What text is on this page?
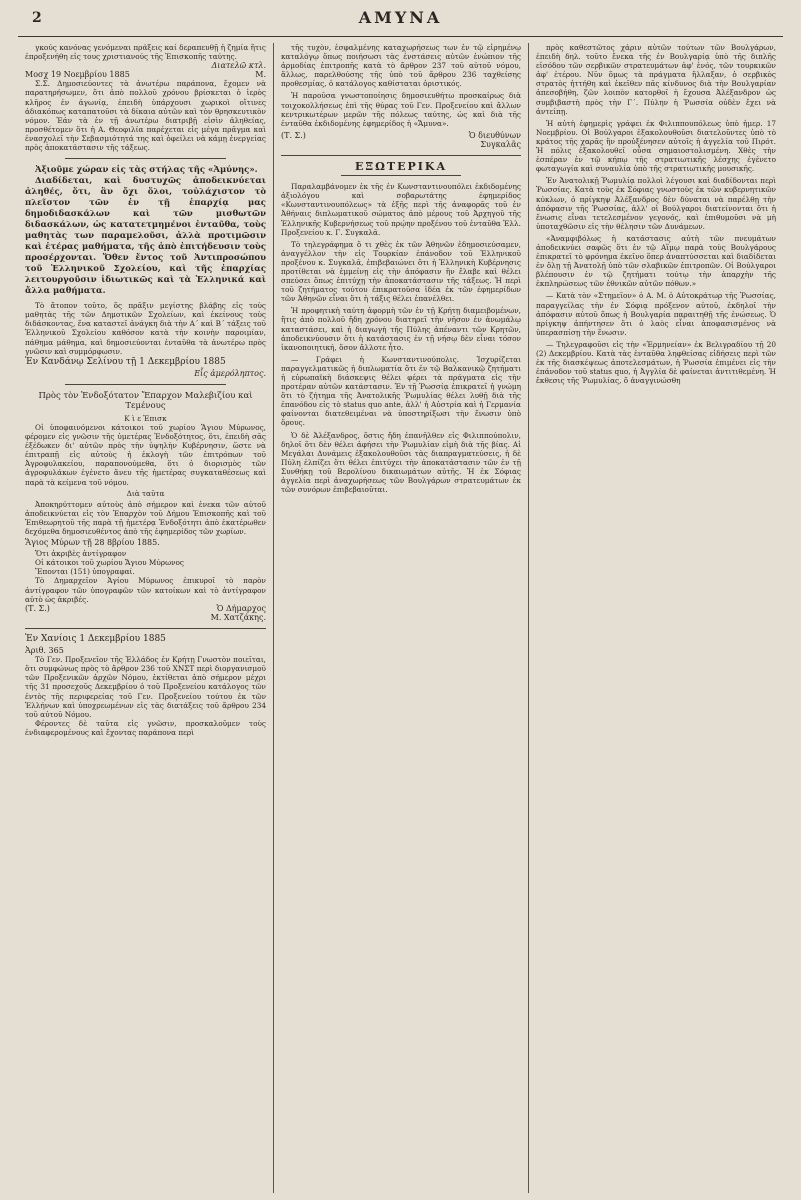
2	ΑΜΥΝΑ

γκούς κανόνας γενόμεναι πράξεις καί δεραπευθῇ ἡ ζημία ἥτις ἐπροξενήθη εἰς τους χριστιανούς τῆς Ἐπισκοπῆς ταύτης.

Διατελῶ κτλ.

Μοσχ 19 Νοεμβρίου 1885	Μ.

Σ.Σ. Δημοσιεύοντες τὰ ἀνωτέρω παράπονα, ἔχομεν νὰ παρατηρήσωμεν, ὅτι ἀπὸ πολλοῦ χρόνου βρίσκεται ὁ ἱερὸς κλῆρος ἐν ἀγωνίᾳ, ἐπειδὴ ὑπάρχουσι χωρικοὶ οἵτινες ἀδιακόπως καταπατοῦσι τὰ δίκαια αὐτῶν καὶ τὸν θρησκευτικὸν νόμον. Ἐάν τὰ ἐν τῇ ἀνωτέρω διατριβῇ εἰσὶν ἀληθείας, προσθέτομεν ὅτι ἡ Α. Θεοφιλία παρέχεται εἰς μέγα πρᾶγμα καὶ ἐνασχολεῖ τὴν Σεβασμιότητά της καὶ ὀφείλει νὰ κάμῃ ἐνεργείας πρὸς ἀποκατάστασιν τῆς τάξεως.

Ἀξιοῦμε χώραν εἰς τὰς στήλας τῆς «Ἀμύνης».

Διαδίδεται, καὶ δυστυχῶς ἀποδεικνύεται ἀληθές, ὅτι, ἂν ὄχι ὅλοι, τοὐλάχιστον τὸ πλεῖστον τῶν ἐν τῇ ἐπαρχίᾳ μας δημοδιδασκάλων καὶ τῶν μισθωτῶν διδασκάλων, ὡς κατατετμημένοι ἐνταῦθα, τοὺς μαθητὰς των παραμελοῦσι, ἀλλὰ προτιμῶσιν καὶ ἑτέρας μαθήματα, τῆς ἀπὸ ἐπιτήδευσιν τοὺς προσέρχονται. Ὅθεν ἔντος τοῦ Ἀντιπροσώπου τοῦ Ἐλληνικοῦ Σχολείου, καὶ τῆς ἐπαρχίας λειτουργοῦσιν ἰδιωτικῶς καὶ τὰ Ἑλληνικά καὶ ἄλλα μαθήματα.

Τὸ ἄτοπον τοῦτο, ὅς πρᾶξιν μεγίστης βλάβης εἰς τοὺς μαθητὰς τῆς τῶν Δημοτικῶν Σχολείων, καὶ ἐκείνους τοὺς διδάσκοντας, ἕνα καταστεῖ ἀνάγκη διὰ τὴν Α΄ καὶ Β΄ τάξεις τοῦ Ἑλληνικοῦ Σχολείου καθόσον κατὰ τὴν κοινὴν παροιμίαν, πάθημα μάθημα, καὶ δημοσιεύονται ἐνταῦθα τὰ ἀνωτέρω πρὸς γνῶσιν καὶ συμμόρφωσιν.

Ἐν Κανδάνῳ Σελίνου τῇ 1 Δεκεμβρίου 1885

Εἷς ἀμερόληπτος.

Πρὸς τὸν Ἐνδοξότατον Ἔπαρχον Μαλεβιζίου καὶ Τεμένους

Κ ὶ ε Ἐπισκ

Οἱ ὑποφαινόμενοι κάτοικοι τοῦ χωρίου Ἅγιου Μύρωνος, φέρομεν εἰς γνῶσιν τῆς ὑμετέρας Ἐνδοξότητος, ὅτι, ἐπειδὴ σᾶς ἐξέδωκεν δι' αὐτῶν πρὸς τὴν ὑψηλὴν Κυβέρνησιν, ὥστε νὰ ἐπιτραπῇ εἰς αὐτοὺς ἡ ἐκλογὴ τῶν ἐπιτρόπων τοῦ Ἀγροφυλακείου, παραπονούμεθα, ὅτι ὁ διορισμὸς τῶν ἀγροφυλάκων ἐγένετο ἄνευ τῆς ἡμετέρας συγκαταθέσεως καὶ παρὰ τὰ κείμενα τοῦ νόμου.

Διὰ ταῦτα

Ἀποκηρύττομεν αὐτοὺς ἀπὸ σήμερον καὶ ἐνεκα τῶν αὐτοῦ ἀποδεικνύεται εἰς τὸν Ἐπαρχὸν τοῦ Δήμου Ἐπισκοπῆς καὶ τοῦ Ἐπιθεωρητοῦ τῆς παρὰ τῇ ἡμετέρᾳ Ἐνδοξότητι ἀπὸ ἐκατέρωθεν δεχόμεθα δημοσιευθέντος ἀπὸ τῆς ἐφημερίδος τῶν χωρίων.

Ἅγιος Μύρων τῇ 28 8βρίου 1885.

Ὅτι ἀκριβὲς ἀντίγραφον

Οἱ κάτοικοι τοῦ χωρίου Ἅγιου Μύρωνος

Ἕπονται (151) ὑπογραφαί.

Τὸ Δημαρχεῖον Ἁγίου Μύρωνος ἐπικυροῖ τὸ παρὸν ἀντίγραφον τῶν ὑπογραφῶν τῶν κατοίκων καὶ τὸ ἀντίγραφον αὐτὸ ὡς ἀκριβές.

(Τ. Σ.)	Ὁ Δήμαρχος
Μ. Χατζάκης.

Ἐν Χανίοις 1 Δεκεμβρίου 1885

Ἀριθ. 365

Τὸ Γεν. Προξενεῖον τῆς Ἑλλάδος ἐν Κρήτῃ Γνωστὸν ποιεῖται, ὅτι συμφώνως πρὸς τὸ ἄρθρον 236 τοῦ ΧΝΣΤ περὶ διοργανισμοῦ τῶν Προξενικῶν ἀρχῶν Νόμου, ἐκτίθεται ἀπὸ σήμερον μέχρι τῆς 31 προσεχοῦς Δεκεμβρίου ὁ τοῦ Προξενείου κατάλογος τῶν ἐντὸς τῆς περιφερείας τοῦ Γεν. Προξενείου τούτου ἐκ τῶν Ἑλλήνων καὶ ὑποχρεωμένων εἰς τὰς διατάξεις τοῦ ἄρθρου 234 τοῦ αὐτοῦ Νόμου.

Φέροντες δὲ ταῦτα εἰς γνῶσιν, προσκαλοῦμεν τοὺς ἐνδιαφερομένους καὶ ἔχοντας παράπονα περὶ

τῆς τυχὸν, ἐσφαλμένης καταχωρήσεως των ἐν τῷ εἰρημένῳ καταλόγῳ ὅπως ποιήσωσι τὰς ἐνστάσεις αὐτῶν ἐνώπιον τῆς ἁρμοδίας ἐπιτροπῆς κατὰ τὸ ἄρθρον 237 τοῦ αὐτοῦ νόμου, ἄλλως, παρελθούσης τῆς ὑπὸ τοῦ ἄρθρου 236 ταχθείσης προθεσμίας, ὁ κατάλογος καθίσταται ὁριστικός.

Ἡ παροῦσα γνωστοποίησις δημοσιευθήτω προσκαίρως διὰ τοιχοκολλήσεως ἐπὶ τῆς θύρας τοῦ Γεν. Προξενείου καὶ ἄλλων κεντρικωτέρων μερῶν τῆς πόλεως ταύτης, ὡς καὶ διὰ τῆς ἐνταῦθα ἐκδιδομένης ἐφημερίδος ἡ «Ἄμυνα».

(Τ. Σ.)	Ὁ διευθύνων
Συγκαλᾶς
ΕΞΩΤΕΡΙΚΑ

Παραλαμβάνομεν ἐκ τῆς ἐν Κωνσταντινουπόλει ἐκδιδομένης ἀξιολόγου καὶ σοβαρωτάτης ἐφημερίδος «Κωνσταντινουπόλεως» τὰ ἑξῆς περὶ τῆς ἀναφορᾶς τοῦ ἐν Ἀθήναις διπλωματικοῦ σώματος ἀπὸ μέρους τοῦ Ἀρχηγοῦ τῆς Ἑλληνικῆς Κυβερνήσεως τοῦ πρῴην προξένου τοῦ ἐνταῦθα Ἑλλ. Προξενείου κ. Γ. Συγκαλᾶ.

Τὸ τηλεγράφημα ὅ τι χθὲς ἐκ τῶν Ἀθηνῶν ἐδημοσιεύσαμεν, ἀναγγέλλον τὴν εἰς Τουρκίαν ἐπάνοδον τοῦ Ἑλληνικοῦ προξένου κ. Συγκαλᾶ, ἐπιβεβαιώνει ὅτι ἡ Ἑλληνικὴ Κυβέρνησις προτίθεται νὰ ἐμμείνῃ εἰς τὴν ἀπόφασιν ἣν ἔλαβε καὶ θέλει σπεύσει ὅπως ἐπιτύχῃ τὴν ἀποκατάστασιν τῆς τάξεως. Ἡ περὶ τοῦ ζητήματος τούτου ἐπικρατοῦσα ἰδέα ἐκ τῶν ἐφημερίδων τῶν Ἀθηνῶν εἶναι ὅτι ἡ τάξις θέλει ἐπανέλθει.

Ἡ προφητικὴ ταύτη ἀφορμὴ τῶν ἐν τῇ Κρήτῃ διαμειβομένων, ἥτις ἀπὸ πολλοῦ ἤδη χρόνου διατηρεῖ τὴν νῆσον ἐν ἀνωμάλῳ καταστάσει, καὶ ἡ διαγωγὴ τῆς Πύλης ἀπέναντι τῶν Κρητῶν, ἀποδεικνύουσιν ὅτι ἡ κατάστασις ἐν τῇ νήσῳ δὲν εἶναι τόσον ἱκανοποιητική, ὅσον ἄλλοτε ἦτο.

— Γράφει ἡ Κωνσταντινούπολις. Ἰσχυρίζεται παραγγελματικῶς ἡ διπλωματία ὅτι ἐν τῷ Βαλκανικῷ ζητήματι ἡ εὐρωπαϊκὴ διάσκεψις θέλει φέρει τὰ πράγματα εἰς τὴν προτέραν αὐτῶν κατάστασιν. Ἐν τῇ Ῥωσσίᾳ ἐπικρατεῖ ἡ γνώμη ὅτι τὸ ζήτημα τῆς Ἀνατολικῆς Ῥωμυλίας θέλει λυθῇ διὰ τῆς ἐπανόδου εἰς τὸ status quo ante, ἀλλ' ἡ Αὐστρία καὶ ἡ Γερμανία φαίνονται διατεθειμέναι νὰ ὑποστηρίξωσι τὴν ἕνωσιν ὑπὸ ὅρους.

Ὁ δὲ Ἀλέξανδρος, ὅστις ἤδη ἐπανῆλθεν εἰς Φιλιππούπολιν, δηλοῖ ὅτι δὲν θέλει ἀφήσει τὴν Ῥωμυλίαν εἰμὴ διὰ τῆς βίας. Αἱ Μεγάλαι Δυνάμεις ἐξακολουθοῦσι τὰς διαπραγματεύσεις, ἡ δὲ Πύλη ἐλπίζει ὅτι θέλει ἐπιτύχει τὴν ἀποκατάστασιν τῶν ἐν τῇ Συνθήκῃ τοῦ Βερολίνου δικαιωμάτων αὐτῆς. Ἡ ἐκ Σόφιας ἀγγελία περὶ ἀναχωρήσεως τῶν Βουλγάρων στρατευμάτων ἐκ τῶν συνόρων ἐπιβεβαιοῦται.

πρὸς καθεστῶτος χάριν αὐτῶν τούτων τῶν Βουλγάρων, ἐπειδὴ δηλ. τοῦτο ἔνεκα τῆς ἐν Βουλγαρίᾳ ὑπὸ τῆς διπλῆς εἰσόδου τῶν σερβικῶν στρατευμάτων ἀφ' ἑνός, τῶν τουρκικῶν ἀφ' ἑτέρου. Νῦν ὅμως τὰ πράγματα ἤλλαξαν, ὁ σερβικὸς στρατὸς ἡττήθη καὶ ἐκεῖθεν πᾶς κίνδυνος διὰ τὴν Βουλγαρίαν ἀπεσοβήθη, ζῶν λοιπὸν κατορθοῖ ἡ ἔχουσα Ἀλέξανδρον ὡς συμβιβαστὴ πρὸς τὴν Γ΄. Πύλην ἡ Ῥωσσία οὐδὲν ἔχει νὰ ἀντείπῃ.

Ἡ αὐτὴ ἐφημερὶς γράφει ἐκ Φιλιππουπόλεως ὑπὸ ἡμερ. 17 Νοεμβρίου. Οἱ Βούλγαροι ἐξακολουθοῦσι διατελοῦντες ὑπὸ τὸ κράτος τῆς χαρᾶς ἣν προὐξένησεν αὐτοῖς ἡ ἀγγελία τοῦ Πιρότ. Ἡ πόλις ἐξακολουθεῖ οὖσα σημαιοστολισμένη. Χθὲς τὴν ἑσπέραν ἐν τῷ κήπῳ τῆς στρατιωτικῆς λέσχης ἐγένετο φωταγωγία καὶ συναυλία ὑπὸ τῆς στρατιωτικῆς μουσικῆς.

Ἐν Ἀνατολικῇ Ῥωμυλίᾳ πολλοὶ λέγουσι καὶ διαδίδονται περὶ Ῥωσσίας. Κατὰ τοὺς ἐκ Σόφιας γνωστοὺς ἐκ τῶν κυβερνητικῶν κύκλων, ὁ πρίγκηψ Ἀλέξανδρος δὲν δύναται νὰ παρέλθῃ τὴν ἀπόφασιν τῆς Ῥωσσίας, ἀλλ' οἱ Βούλγαροι διατείνονται ὅτι ἡ ἕνωσις εἶναι τετελεσμένον γεγονός, καὶ ἐπιθυμοῦσι νὰ μὴ ὑποταχθῶσιν εἰς τὴν θέλησιν τῶν Δυνάμεων.

«Ἀναμφιβόλως ἡ κατάστασις αὐτὴ τῶν πνευμάτων ἀποδεικνύει σαφῶς ὅτι ἐν τῷ Αἵμῳ παρὰ τοὺς Βουλγάρους ἐπικρατεῖ τὸ φρόνημα ἐκεῖνο ὅπερ ἀναπτύσσεται καὶ διαδίδεται ἐν ὅλῃ τῇ Ἀνατολῇ ὑπὸ τῶν σλαβικῶν ἐπιτροπῶν. Οἱ Βούλγαροι βλέπουσιν ἐν τῷ ζητήματι τούτῳ τὴν ἀπαρχὴν τῆς ἐκπληρώσεως τῶν ἐθνικῶν αὐτῶν πόθων.»

— Κατὰ τὸν «Στημεῖον» ὁ Α. Μ. ὁ Αὐτοκράτωρ τῆς Ῥωσσίας, παραγγείλας τὴν ἐν Σόφιᾳ πρόξενον αὐτοῦ, ἐκδηλοῖ τὴν ἀπόφασιν αὐτοῦ ὅπως ἡ Βουλγαρία παραιτηθῇ τῆς ἑνώσεως. Ὁ πρίγκηψ ἀπήντησεν ὅτι ὁ λαὸς εἶναι ἀποφασισμένος νὰ ὑπερασπίσῃ τὴν ἕνωσιν.

— Τηλεγραφοῦσι εἰς τὴν «Ἐρμηνείαν» ἐκ Βελιγραδίου τῇ 20 (2) Δεκεμβρίου. Κατὰ τὰς ἐνταῦθα ληφθείσας εἰδήσεις περὶ τῶν ἐκ τῆς διασκέψεως ἀποτελεσμάτων, ἡ Ῥωσσία ἐπιμένει εἰς τὴν ἐπάνοδον τοῦ status quo, ἡ Ἀγγλία δὲ φαίνεται ἀντιτιθεμένη. Ἡ ἔκθεσις τῆς Ῥωμυλίας, ὅ ἀναγγινώσθη
